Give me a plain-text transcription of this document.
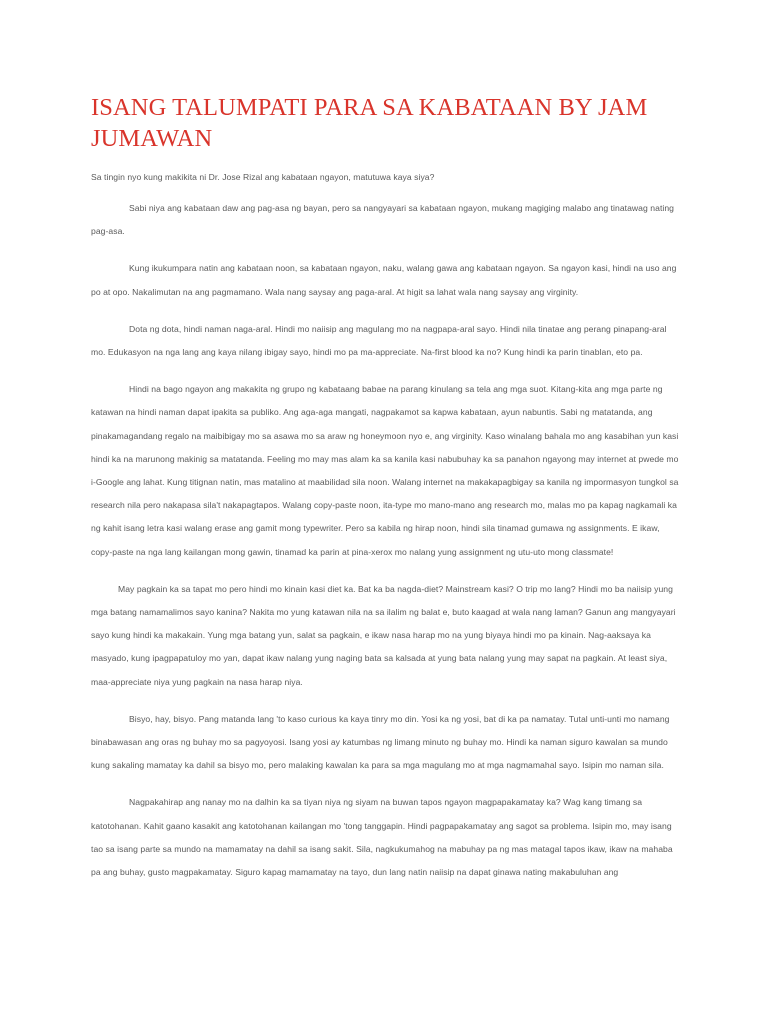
ISANG TALUMPATI PARA SA KABATAAN BY JAM JUMAWAN

Sa tingin nyo kung makikita ni Dr. Jose Rizal ang kabataan ngayon, matutuwa kaya siya?

Sabi niya ang kabataan daw ang pag-asa ng bayan, pero sa nangyayari sa kabataan ngayon, mukang magiging malabo ang tinatawag nating pag-asa.

Kung ikukumpara natin ang kabataan noon, sa kabataan ngayon, naku, walang gawa ang kabataan ngayon. Sa ngayon kasi, hindi na uso ang po at opo. Nakalimutan na ang pagmamano. Wala nang saysay ang paga-aral. At higit sa lahat wala nang saysay ang virginity.

Dota ng dota, hindi naman naga-aral. Hindi mo naiisip ang magulang mo na nagpapa-aral sayo. Hindi nila tinatae ang perang pinapang-aral mo. Edukasyon na nga lang ang kaya nilang ibigay sayo, hindi mo pa ma-appreciate. Na-first blood ka no? Kung hindi ka parin tinablan, eto pa.

Hindi na bago ngayon ang makakita ng grupo ng kabataang babae na parang kinulang sa tela ang mga suot. Kitang-kita ang mga parte ng katawan na hindi naman dapat ipakita sa publiko. Ang aga-aga mangati, nagpakamot sa kapwa kabataan, ayun nabuntis. Sabi ng matatanda, ang pinakamagandang regalo na maibibigay mo sa asawa mo sa araw ng honeymoon nyo e, ang virginity. Kaso winalang bahala mo ang kasabihan yun kasi hindi ka na marunong makinig sa matatanda. Feeling mo may mas alam ka sa kanila kasi nabubuhay ka sa panahon ngayong may internet at pwede mo i-Google ang lahat. Kung titignan natin, mas matalino at maabilidad sila noon. Walang internet na makakapagbigay sa kanila ng impormasyon tungkol sa research nila pero nakapasa sila't nakapagtapos. Walang copy-paste noon, ita-type mo mano-mano ang research mo, malas mo pa kapag nagkamali ka ng kahit isang letra kasi walang erase ang gamit mong typewriter. Pero sa kabila ng hirap noon, hindi sila tinamad gumawa ng assignments. E ikaw, copy-paste na nga lang kailangan mong gawin, tinamad ka parin at pina-xerox mo nalang yung assignment ng utu-uto mong classmate!

May pagkain ka sa tapat mo pero hindi mo kinain kasi diet ka. Bat ka ba nagda-diet? Mainstream kasi? O trip mo lang? Hindi mo ba naiisip yung mga batang namamalimos sayo kanina? Nakita mo yung katawan nila na sa ilalim ng balat e, buto kaagad at wala nang laman? Ganun ang mangyayari sayo kung hindi ka makakain. Yung mga batang yun, salat sa pagkain, e ikaw nasa harap mo na yung biyaya hindi mo pa kinain. Nag-aaksaya ka masyado, kung ipagpapatuloy mo yan, dapat ikaw nalang yung naging bata sa kalsada at yung bata nalang yung may sapat na pagkain. At least siya, maa-appreciate niya yung pagkain na nasa harap niya.

Bisyo, hay, bisyo. Pang matanda lang 'to kaso curious ka kaya tinry mo din. Yosi ka ng yosi, bat di ka pa namatay. Tutal unti-unti mo namang binabawasan ang oras ng buhay mo sa pagyoyosi. Isang yosi ay katumbas ng limang minuto ng buhay mo. Hindi ka naman siguro kawalan sa mundo kung sakaling mamatay ka dahil sa bisyo mo, pero malaking kawalan ka para sa mga magulang mo at mga nagmamahal sayo. Isipin mo naman sila.

Nagpakahirap ang nanay mo na dalhin ka sa tiyan niya ng siyam na buwan tapos ngayon magpapakamatay ka? Wag kang timang sa katotohanan. Kahit gaano kasakit ang katotohanan kailangan mo 'tong tanggapin. Hindi pagpapakamatay ang sagot sa problema. Isipin mo, may isang tao sa isang parte sa mundo na mamamatay na dahil sa isang sakit. Sila, nagkukumahog na mabuhay pa ng mas matagal tapos ikaw, ikaw na mahaba pa ang buhay, gusto magpakamatay. Siguro kapag mamamatay na tayo, dun lang natin naiisip na dapat ginawa nating makabuluhan ang
